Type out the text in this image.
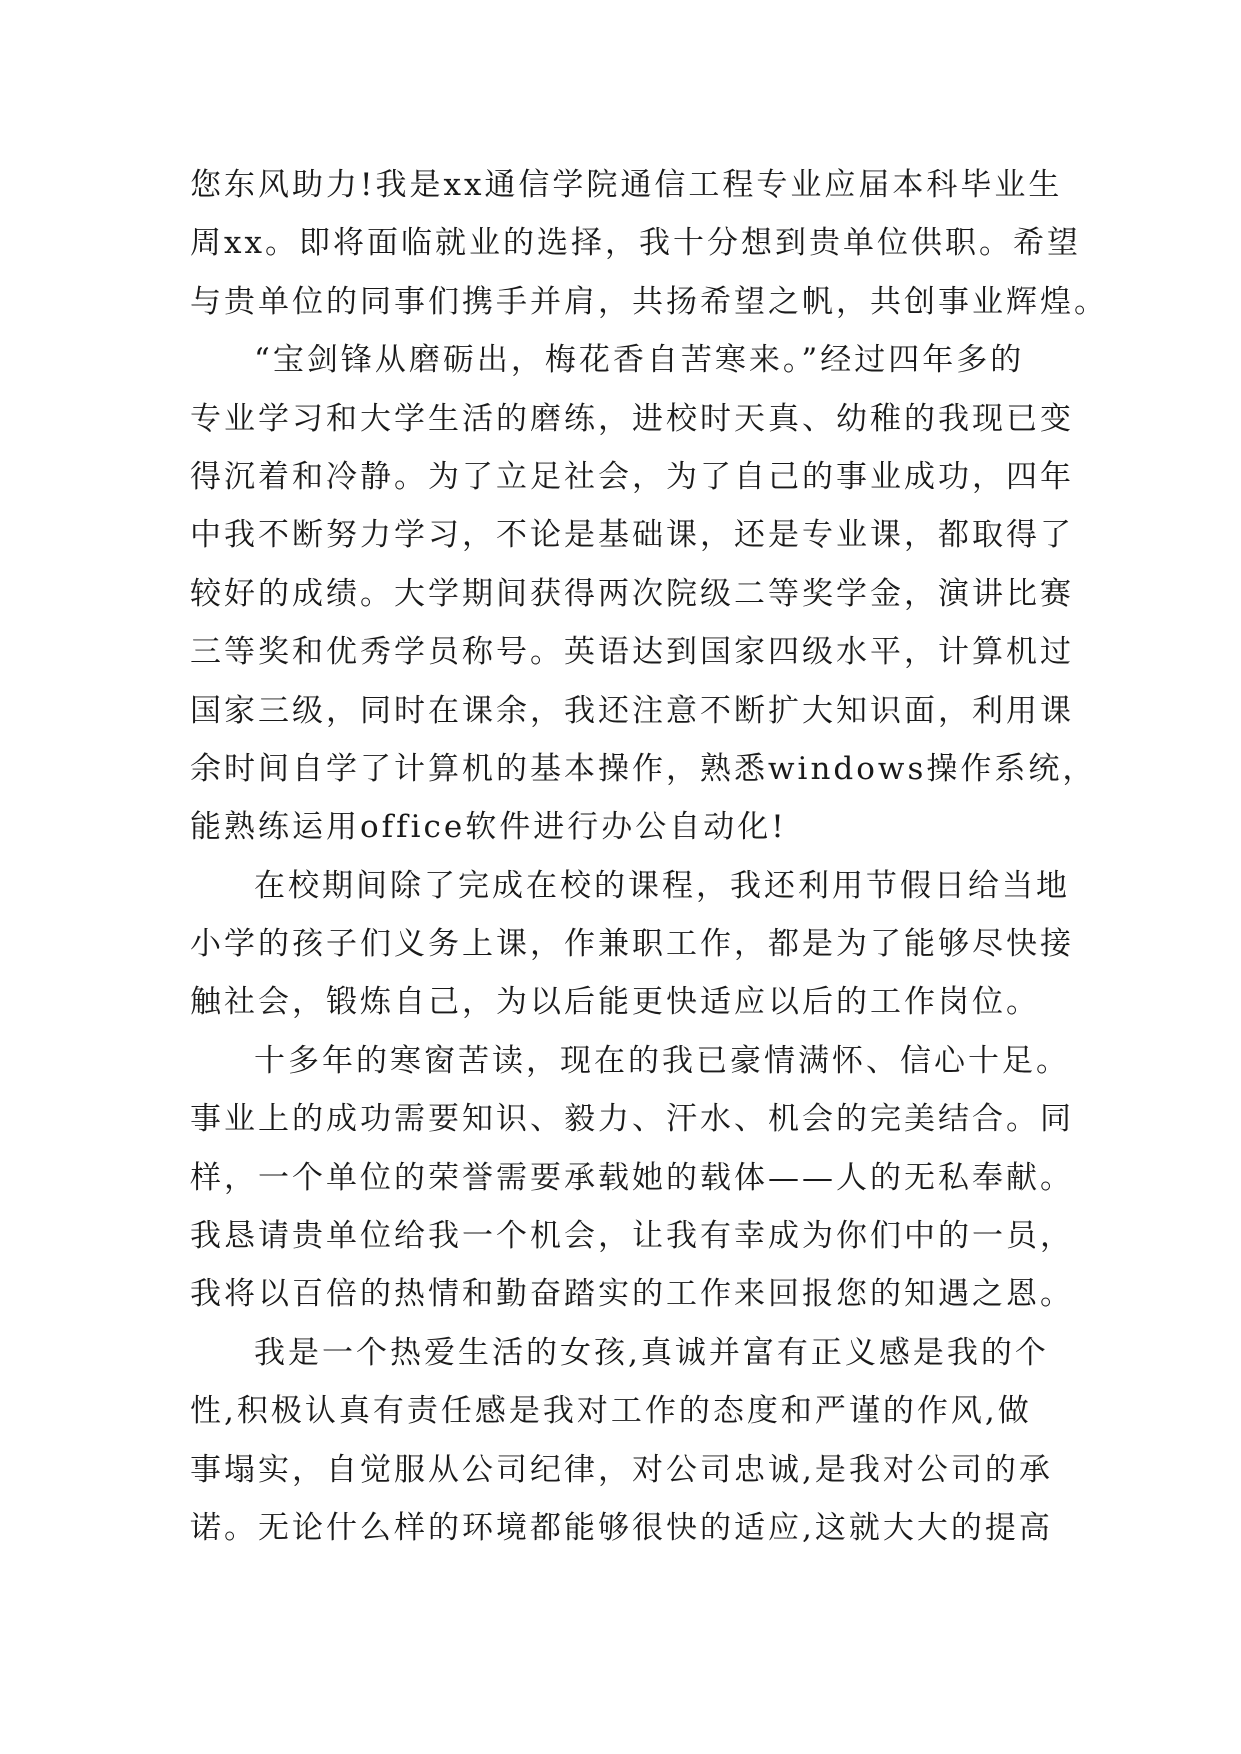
您东风助力!我是xx通信学院通信工程专业应届本科毕业生
周xx。即将面临就业的选择，我十分想到贵单位供职。希望
与贵单位的同事们携手并肩，共扬希望之帆，共创事业辉煌。
“宝剑锋从磨砺出，梅花香自苦寒来。”经过四年多的
专业学习和大学生活的磨练，进校时天真、幼稚的我现已变
得沉着和冷静。为了立足社会，为了自己的事业成功，四年
中我不断努力学习，不论是基础课，还是专业课，都取得了
较好的成绩。大学期间获得两次院级二等奖学金，演讲比赛
三等奖和优秀学员称号。英语达到国家四级水平，计算机过
国家三级，同时在课余，我还注意不断扩大知识面，利用课
余时间自学了计算机的基本操作，熟悉windows操作系统，
能熟练运用office软件进行办公自动化!
在校期间除了完成在校的课程，我还利用节假日给当地
小学的孩子们义务上课，作兼职工作，都是为了能够尽快接
触社会，锻炼自己，为以后能更快适应以后的工作岗位。
十多年的寒窗苦读，现在的我已豪情满怀、信心十足。
事业上的成功需要知识、毅力、汗水、机会的完美结合。同
样，一个单位的荣誉需要承载她的载体——人的无私奉献。
我恳请贵单位给我一个机会，让我有幸成为你们中的一员，
我将以百倍的热情和勤奋踏实的工作来回报您的知遇之恩。
我是一个热爱生活的女孩,真诚并富有正义感是我的个
性,积极认真有责任感是我对工作的态度和严谨的作风,做
事塌实，自觉服从公司纪律，对公司忠诚,是我对公司的承
诺。无论什么样的环境都能够很快的适应,这就大大的提高
